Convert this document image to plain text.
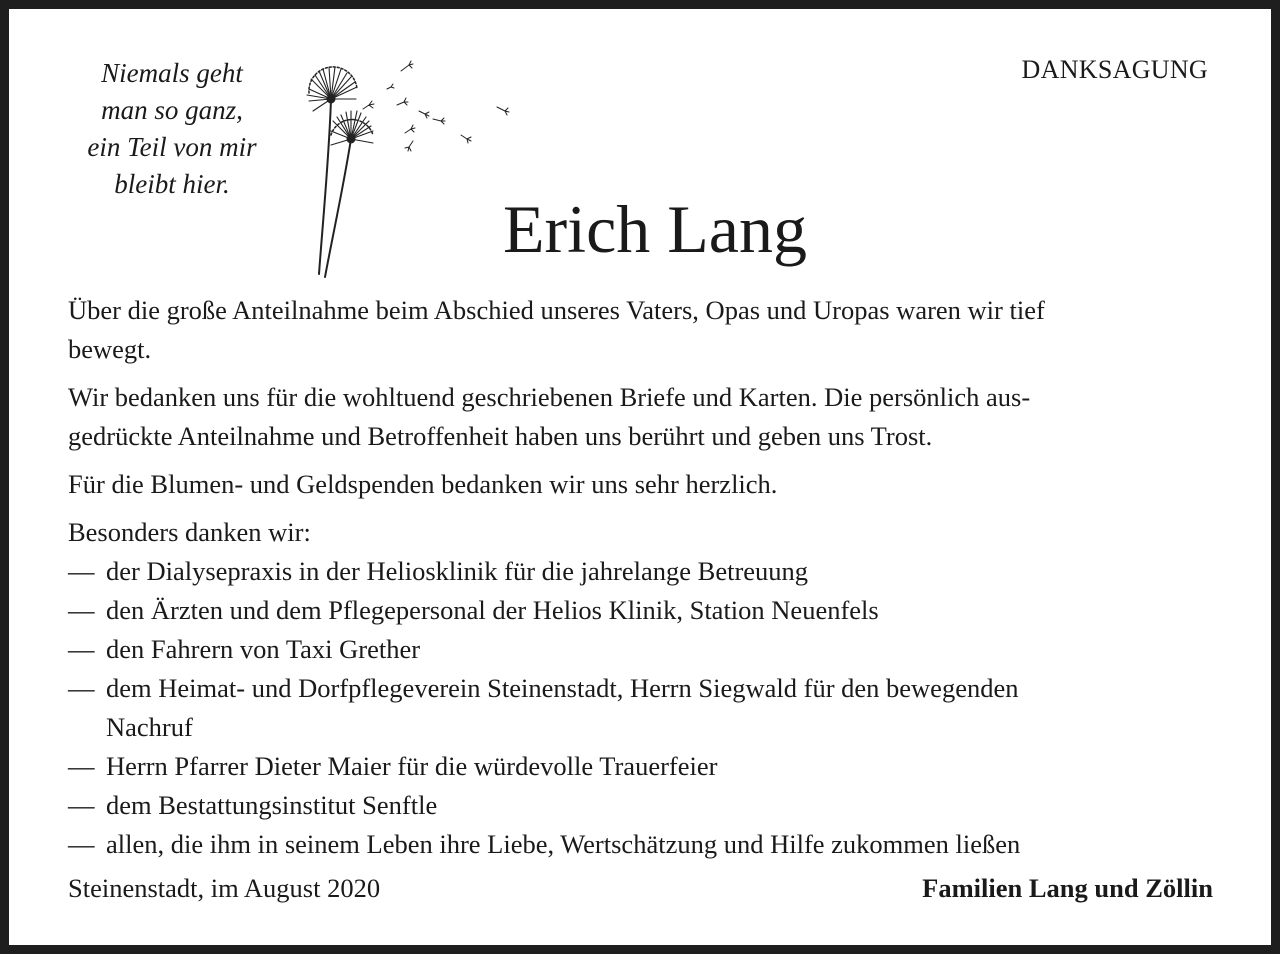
Niemals geht
man so ganz,
ein Teil von mir
bleibt hier.
DANKSAGUNG
Erich Lang

Über die große Anteilnahme beim Abschied unseres Vaters, Opas und Uropas waren wir tief
bewegt.

Wir bedanken uns für die wohltuend geschriebenen Briefe und Karten. Die persönlich aus-
gedrückte Anteilnahme und Betroffenheit haben uns berührt und geben uns Trost.

Für die Blumen- und Geldspenden bedanken wir uns sehr herzlich.

Besonders danken wir:
— der Dialysepraxis in der Heliosklinik für die jahrelange Betreuung
— den Ärzten und dem Pflegepersonal der Helios Klinik, Station Neuenfels
— den Fahrern von Taxi Grether
— dem Heimat- und Dorfpflegeverein Steinenstadt, Herrn Siegwald für den bewegenden
Nachruf
— Herrn Pfarrer Dieter Maier für die würdevolle Trauerfeier
— dem Bestattungsinstitut Senftle
— allen, die ihm in seinem Leben ihre Liebe, Wertschätzung und Hilfe zukommen ließen
Steinenstadt, im August 2020	Familien Lang und Zöllin
